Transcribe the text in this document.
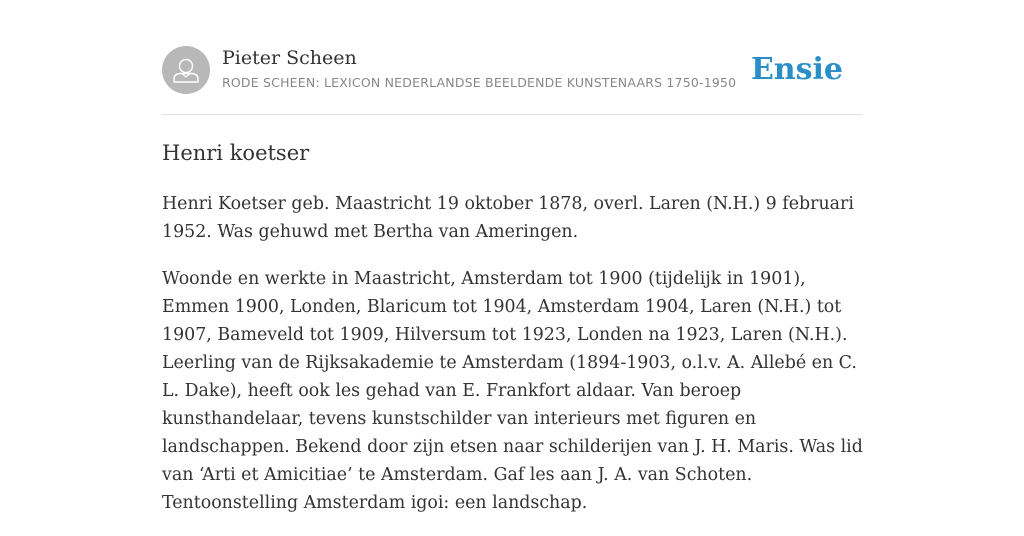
Pieter Scheen
RODE SCHEEN: LEXICON NEDERLANDSE BEELDENDE KUNSTENAARS 1750-1950 Ensie
Henri koetser

Henri Koetser geb. Maastricht 19 oktober 1878, overl. Laren (N.H.) 9 februari 1952. Was gehuwd met Bertha van Ameringen.

Woonde en werkte in Maastricht, Amsterdam tot 1900 (tijdelijk in 1901), Emmen 1900, Londen, Blaricum tot 1904, Amsterdam 1904, Laren (N.H.) tot 1907, Bameveld tot 1909, Hilversum tot 1923, Londen na 1923, Laren (N.H.). Leerling van de Rijksakademie te Amsterdam (1894-1903, o.l.v. A. Allebé en C. L. Dake), heeft ook les gehad van E. Frankfort aldaar. Van beroep kunsthandelaar, tevens kunstschilder van interieurs met figuren en landschappen. Bekend door zijn etsen naar schilderijen van J. H. Maris. Was lid van ‘Arti et Amicitiae’ te Amsterdam. Gaf les aan J. A. van Schoten. Tentoonstelling Amsterdam igoi: een landschap.
